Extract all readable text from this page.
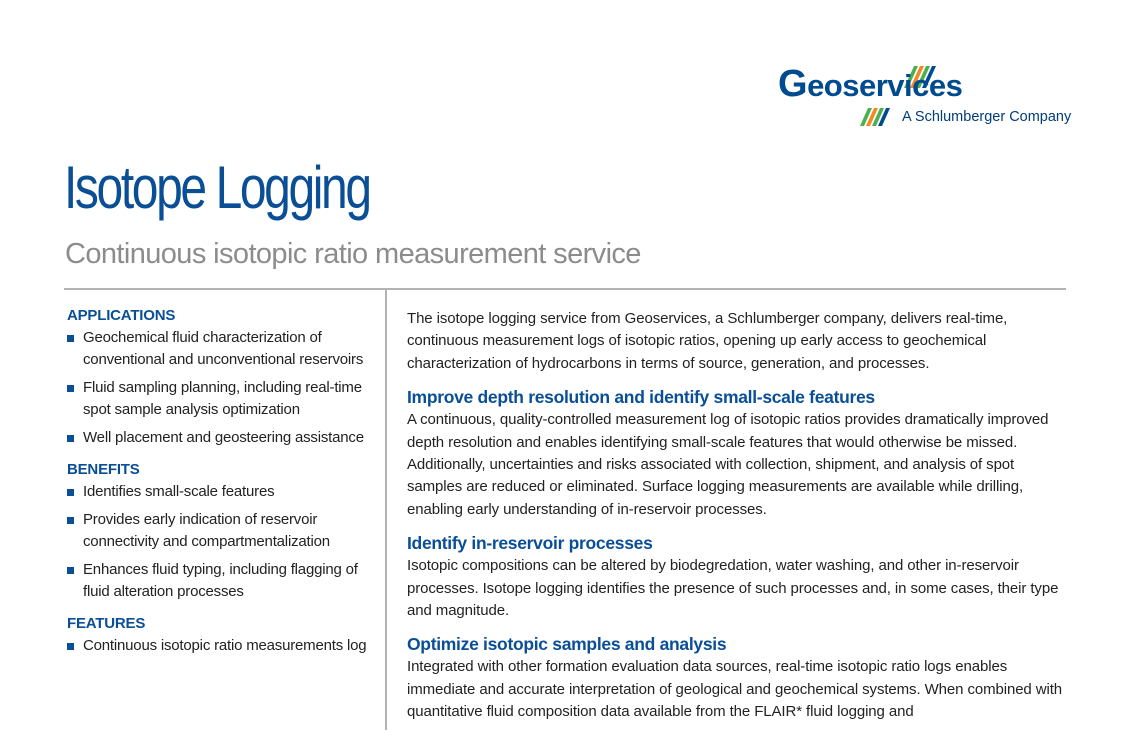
Geoservices
A Schlumberger Company
Isotope Logging
Continuous isotopic ratio measurement service
APPLICATIONS
Geochemical fluid characterization of conventional and unconventional reservoirs
Fluid sampling planning, including real-time spot sample analysis optimization
Well placement and geosteering assistance
BENEFITS
Identifies small-scale features
Provides early indication of reservoir connectivity and compartmentalization
Enhances fluid typing, including flagging of fluid alteration processes
FEATURES
Continuous isotopic ratio measurements log

The isotope logging service from Geoservices, a Schlumberger company, delivers real-time, continuous measurement logs of isotopic ratios, opening up early access to geochemical characterization of hydrocarbons in terms of source, generation, and processes.

Improve depth resolution and identify small-scale features

A continuous, quality-controlled measurement log of isotopic ratios provides dramatically improved depth resolution and enables identifying small-scale features that would otherwise be missed. Additionally, uncertainties and risks associated with collection, shipment, and analysis of spot samples are reduced or eliminated. Surface logging measurements are available while drilling, enabling early understanding of in-reservoir processes.

Identify in-reservoir processes

Isotopic compositions can be altered by biodegredation, water washing, and other in-reservoir processes. Isotope logging identifies the presence of such processes and, in some cases, their type and magnitude.

Optimize isotopic samples and analysis

Integrated with other formation evaluation data sources, real-time isotopic ratio logs enables immediate and accurate interpretation of geological and geochemical systems. When combined with quantitative fluid composition data available from the FLAIR* fluid logging and
